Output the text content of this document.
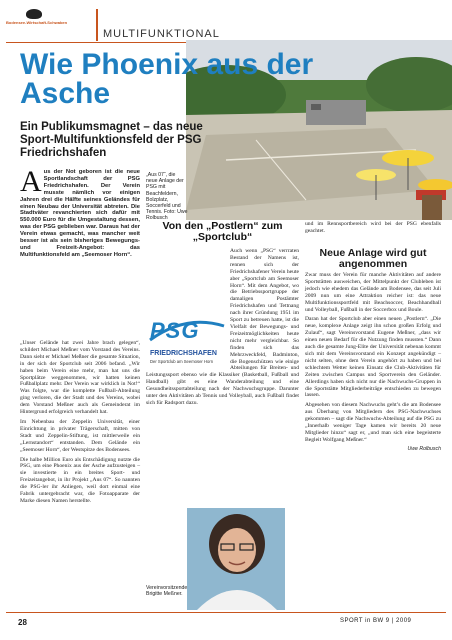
Bodensee-Wirtschaft-Schwaben
MULTIFUNKTIONAL
Wie Phoenix aus der Asche
Ein Publikumsmagnet – das neue Sport-Multifunktionsfeld der PSG Friedrichshafen
„Aus 07“, die neue Anlage der PSG mit Beachfeldern, Bolzplatz, Soccerfeld und Tennis. Foto: Uwe Rolbusch
A us der Not geboren ist die neue Sportlandschaft der PSG Friedrichshafen. Der Verein musste nämlich vor einigen Jahren drei die Hälfte seines Geländes für einen Neubau der Universität abtreten. Die Stadtväter revanchierten sich dafür mit 550.000 Euro für die Umgestaltung dessen, was der PSG geblieben war. Daraus hat der Verein etwas gemacht, was mancher weit besser ist als sein bisheriges Bewegungs- und Freizeit-Angebot: das Multifunktionsfeld am „Seemoser Horn“.

„Unser Gelände hat zwei Jahre brach gelegen“, schildert Michael Meßner vom Vorstand des Vereins. Dann sieht er Michael Meßner die gesamte Situation, in der sich der Sportclub seit 2006 befand. „Wir haben beim Verein eine mehr, man hat uns die Sportplätze weggenommen, wir hatten keinen Fußballplatz mehr. Der Verein war wirklich in Not!“ Was folgte, war die komplette Fußball-Abteilung ging verloren, die der Stadt und des Vereins, wobei dem Vorstand Meßner auch als Gemeinderat im Hintergrund erfolgreich verhandelt hat.

Im Nebenbau der Zeppelin Universität, einer Einrichtung in privater Trägerschaft, mitten von Stadt und Zeppelin-Stiftung, ist mittlerweile ein „Lernstandort“ entstanden. Dem Gelände ein „Seemoser Horn“, der Westspitze des Bodensees.

Die halbe Million Euro als Entschädigung nutzte die PSG, um eine Phoenix aus der Asche aufzusteigen – sie investierte in ein breites Sport- und Freizeitangebot, in ihr Projekt „Aus 07“. So nannten die PSG-ler ihr Anliegen, weil dort einmal eine Fabrik untergebracht war, die Fotoapparate der Marke diesen Namen herstellte.

Von den „Postlern“ zum „Sportclub“
Auch wenn „PSG“ verrraten Bestand der Namens ist, rennen sich der Friedrichshafener Verein heute aber „Sportclub am Seemoser Horn“. Mit dem Angebot, wo die Betriebssportgruppe der damaligen Postämter Friedrichshafen und Tettnang nach ihrer Gründung 1951 im Sport zu betreuen hatte, ist die Vielfalt der Bewegungs- und Freizeitmöglichkeiten heute nicht mehr vergleichbar. So finden sich das Mehrzweckfeld, Badminton, die Bogenschützen wie einige Abteilungen für Breiten- und Leistungssport ebenso wie die Klassiker (Basketball, Fußball und Handball) gibt es eine Wanderabteilung und eine Gesundheitssportabteilung nach der Nachwuchsgruppe. Darunter unter den Aktivitäten ab Tennis und Volleyball, auch Fußball findet sich für Radsport dazu.
PSG
FRIEDRICHSHAFEN
Der Sportclub am Seemoser Horn
Vereinvorsitzende Brigitte Meßner.
und im Rennsportbereich wird bei der PSG ebenfalls geachtet.
Neue Anlage wird gut angenommen

Zwar muss der Verein für manche Aktivitäten auf andere Sportstätten ausweichen, der Mittelpunkt der Clubleben ist jedoch wie ehedem das Gelände am Bodensee, das seit Juli 2009 nun um eine Attraktion reicher ist: das neue Multifunktionssportfeld mit Beachsoccer, Beachhandball und Volleyball, Fußball in der Soccerbox und Boule.

Daran hat der Sportclub aber einen neuen „Postlern“. „Die neue, komplexe Anlage zeigt ihn schon großen Erfolg und Zulauf“, sagt Vereinsvorstand Eugene Meßner, „dass wir einen neuen Bedarf für die Nutzung finden mussten.“ Dann auch die gesamte Jung-Elite der Universität nebenan kommt sich mit dem Vereinsvorstand ein Konzept angekündigt – nicht selten, ohne dem Verein angehört zu haben und bei schlechtem Wetter keinen Einsatz die Club-Aktivitäten für Zeiten zwischen Campus und Sportverein den Geländer. Allerdings haben sich nicht nur die Nachwuchs-Gruppen in die Sportstätte Mitgliederbeiträge entschieden zu bewegen lassen.

Abgesehen von diesem Nachwuchs geht’s die am Bodensee aus Überhang von Mitgliedern des PSG-Nachwuchses gekommen – sagt die Nachwuchs-Abteilung auf die PSG zu „Innerhalb weniger Tage kamen wir bereits 20 neue Mitglieder hinzu“ sagt er, „und man sich eine begeisterte Begleit Wolfgang Meßner.“

Uwe Rolbusch
28	SPORT in BW 9 | 2009
